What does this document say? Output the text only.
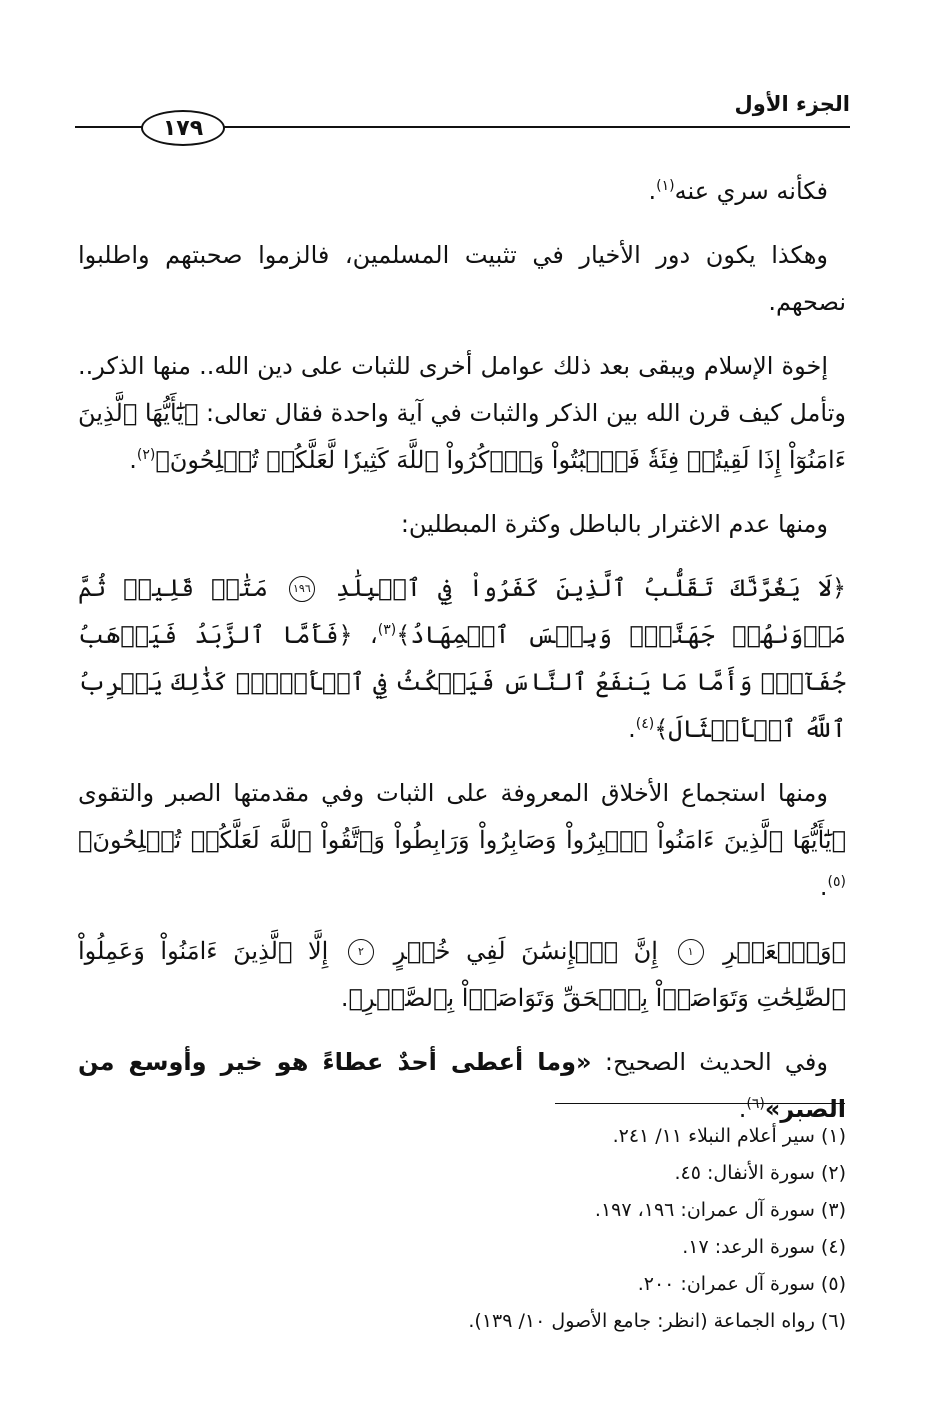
الجزء الأول
١٧٩

فكأنه سري عنه$^{(١)}$.

وهكذا يكون دور الأخيار في تثبيت المسلمين، فالزموا صحبتهم واطلبوا نصحهم.

إخوة الإسلام ويبقى بعد ذلك عوامل أخرى للثبات على دين الله.. منها الذكر.. وتأمل كيف قرن الله بين الذكر والثبات في آية واحدة فقال تعالى: ﴿يَٰٓأَيُّهَا ٱلَّذِينَ ءَامَنُوٓاْ إِذَا لَقِيتُمۡ فِئَةٗ فَٱثۡبُتُواْ وَٱذۡكُرُواْ ٱللَّهَ كَثِيرٗا لَّعَلَّكُمۡ تُفۡلِحُونَ﴾$^{(٢)}$.

ومنها عدم الاغترار بالباطل وكثرة المبطلين:

﴿لَا يَغُرَّنَّكَ تَقَلُّبُ ٱلَّذِينَ كَفَرُواْ فِي ٱلۡبِلَٰدِ ١٩٦ مَتَٰعٞ قَلِيلٞ ثُمَّ مَأۡوَىٰهُمۡ جَهَنَّمُۚ وَبِئۡسَ ٱلۡمِهَادُ﴾$^{(٣)}$، ﴿فَأَمَّا ٱلزَّبَدُ فَيَذۡهَبُ جُفَآءٗۖ وَأَمَّا مَا يَنفَعُ ٱلنَّاسَ فَيَمۡكُثُ فِي ٱلۡأَرۡضِۚ كَذَٰلِكَ يَضۡرِبُ ٱللَّهُ ٱلۡأَمۡثَالَ﴾$^{(٤)}$.

ومنها استجماع الأخلاق المعروفة على الثبات وفي مقدمتها الصبر والتقوى ﴿يَٰٓأَيُّهَا ٱلَّذِينَ ءَامَنُواْ ٱصۡبِرُواْ وَصَابِرُواْ وَرَابِطُواْ وَٱتَّقُواْ ٱللَّهَ لَعَلَّكُمۡ تُفۡلِحُونَ﴾$^{(٥)}$.

﴿وَٱلۡعَصۡرِ ١ إِنَّ ٱلۡإِنسَٰنَ لَفِي خُسۡرٍ ٢ إِلَّا ٱلَّذِينَ ءَامَنُواْ وَعَمِلُواْ ٱلصَّٰلِحَٰتِ وَتَوَاصَوۡاْ بِٱلۡحَقِّ وَتَوَاصَوۡاْ بِٱلصَّبۡرِ﴾.

وفي الحديث الصحيح: «وما أعطى أحدٌ عطاءً هو خير وأوسع من الصبر»$^{(٦)}$.

(١) سير أعلام النبلاء ١١/ ٢٤١.

(٢) سورة الأنفال: ٤٥.

(٣) سورة آل عمران: ١٩٦، ١٩٧.

(٤) سورة الرعد: ١٧.

(٥) سورة آل عمران: ٢٠٠.

(٦) رواه الجماعة (انظر: جامع الأصول ١٠/ ١٣٩).
